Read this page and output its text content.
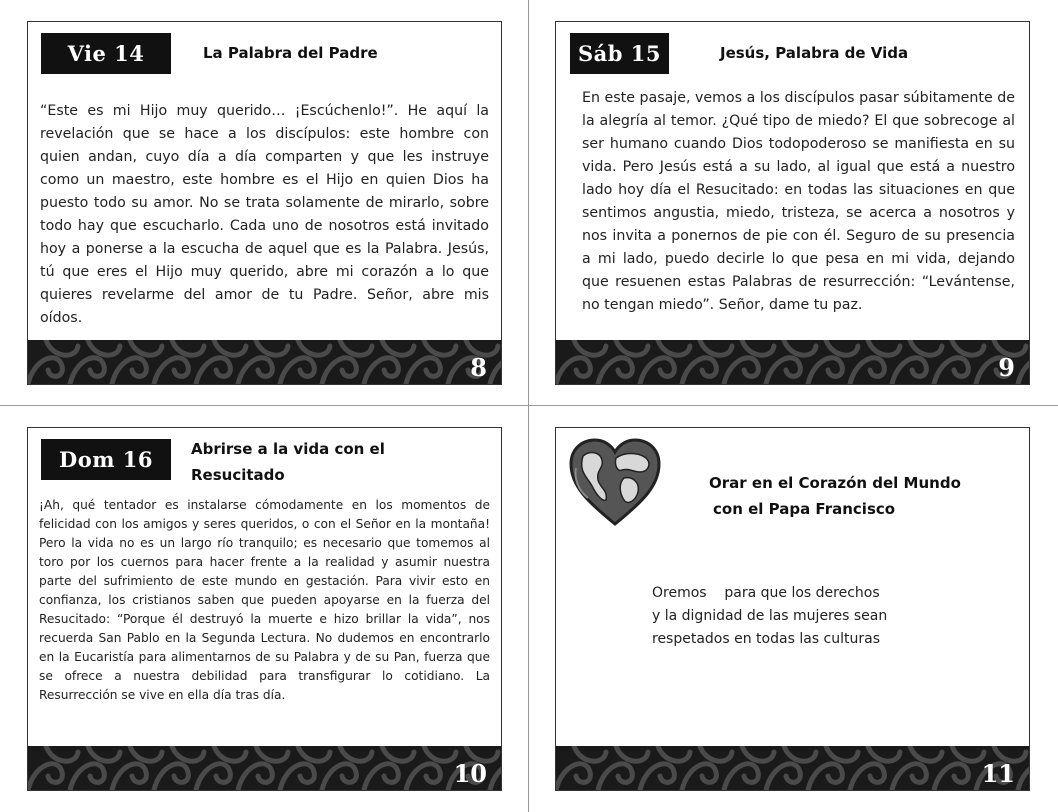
Vie 14	La Palabra del Padre

“Este es mi Hijo muy querido… ¡Escúchenlo!”. He aquí la revelación que se hace a los discípulos: este hombre con quien andan, cuyo día a día comparten y que les instruye como un maestro, este hombre es el Hijo en quien Dios ha puesto todo su amor. No se trata solamente de mirarlo, sobre todo hay que escucharlo. Cada uno de nosotros está invitado hoy a ponerse a la escucha de aquel que es la Palabra. Jesús, tú que eres el Hijo muy querido, abre mi corazón a lo que quieres revelarme del amor de tu Padre. Señor, abre mis oídos.

8
Sáb 15	Jesús, Palabra de Vida

En este pasaje, vemos a los discípulos pasar súbitamente de la alegría al temor. ¿Qué tipo de miedo? El que sobrecoge al ser humano cuando Dios todopoderoso se manifiesta en su vida. Pero Jesús está a su lado, al igual que está a nuestro lado hoy día el Resucitado: en todas las situaciones en que sentimos angustia, miedo, tristeza, se acerca a nosotros y nos invita a ponernos de pie con él. Seguro de su presencia a mi lado, puedo decirle lo que pesa en mi vida, dejando que resuenen estas Palabras de resurrección: “Levántense, no tengan miedo”. Señor, dame tu paz.

9
Dom 16	Abrirse a la vida con el Resucitado

¡Ah, qué tentador es instalarse cómodamente en los momentos de felicidad con los amigos y seres queridos, o con el Señor en la montaña! Pero la vida no es un largo río tranquilo; es necesario que tomemos al toro por los cuernos para hacer frente a la realidad y asumir nuestra parte del sufrimiento de este mundo en gestación. Para vivir esto en confianza, los cristianos saben que pueden apoyarse en la fuerza del Resucitado: “Porque él destruyó la muerte e hizo brillar la vida”, nos recuerda San Pablo en la Segunda Lectura. No dudemos en encontrarlo en la Eucaristía para alimentarnos de su Palabra y de su Pan, fuerza que se ofrece a nuestra debilidad para transfigurar lo cotidiano. La Resurrección se vive en ella día tras día.

10
Orar en el Corazón del Mundo
con el Papa Francisco
Oremos    para que los derechos
y la dignidad de las mujeres sean
respetados en todas las culturas
11
